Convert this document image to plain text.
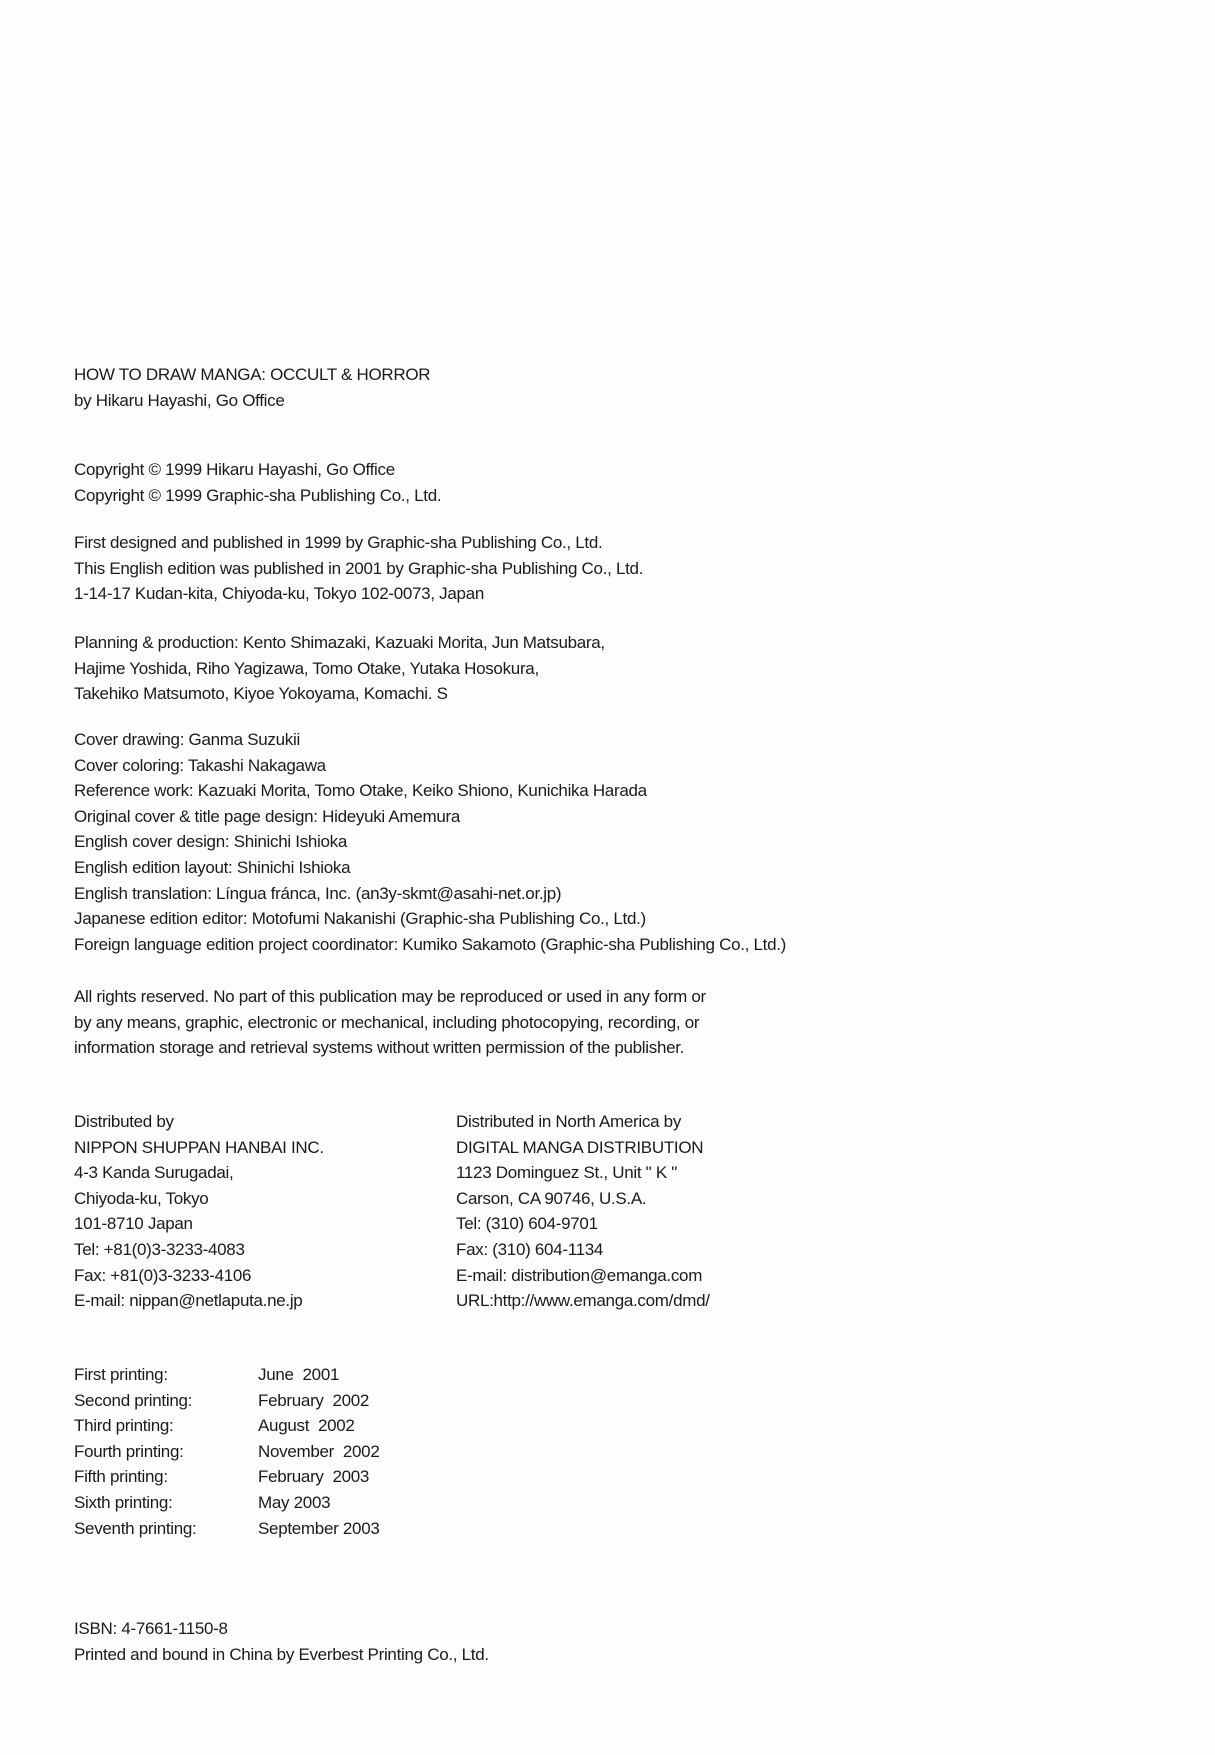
HOW TO DRAW MANGA: OCCULT & HORROR
by Hikaru Hayashi, Go Office
Copyright © 1999 Hikaru Hayashi, Go Office
Copyright © 1999 Graphic-sha Publishing Co., Ltd.
First designed and published in 1999 by Graphic-sha Publishing Co., Ltd.
This English edition was published in 2001 by Graphic-sha Publishing Co., Ltd.
1-14-17 Kudan-kita, Chiyoda-ku, Tokyo 102-0073, Japan
Planning & production: Kento Shimazaki, Kazuaki Morita, Jun Matsubara,
Hajime Yoshida, Riho Yagizawa, Tomo Otake, Yutaka Hosokura,
Takehiko Matsumoto, Kiyoe Yokoyama, Komachi. S
Cover drawing: Ganma Suzukii
Cover coloring: Takashi Nakagawa
Reference work: Kazuaki Morita, Tomo Otake, Keiko Shiono, Kunichika Harada
Original cover & title page design: Hideyuki Amemura
English cover design: Shinichi Ishioka
English edition layout: Shinichi Ishioka
English translation: Língua fránca, Inc. (an3y-skmt@asahi-net.or.jp)
Japanese edition editor: Motofumi Nakanishi (Graphic-sha Publishing Co., Ltd.)
Foreign language edition project coordinator: Kumiko Sakamoto (Graphic-sha Publishing Co., Ltd.)
All rights reserved. No part of this publication may be reproduced or used in any form or
by any means, graphic, electronic or mechanical, including photocopying, recording, or
information storage and retrieval systems without written permission of the publisher.
Distributed by
NIPPON SHUPPAN HANBAI INC.
4-3 Kanda Surugadai,
Chiyoda-ku, Tokyo
101-8710 Japan
Tel: +81(0)3-3233-4083
Fax: +81(0)3-3233-4106
E-mail: nippan@netlaputa.ne.jp
Distributed in North America by
DIGITAL MANGA DISTRIBUTION
1123 Dominguez St., Unit " K "
Carson, CA 90746, U.S.A.
Tel: (310) 604-9701
Fax: (310) 604-1134
E-mail: distribution@emanga.com
URL:http://www.emanga.com/dmd/
First printing:	June  2001
Second printing:	February  2002
Third printing:	August  2002
Fourth printing:	November  2002
Fifth printing:	February  2003
Sixth printing:	May 2003
Seventh printing:	September 2003
ISBN: 4-7661-1150-8
Printed and bound in China by Everbest Printing Co., Ltd.
